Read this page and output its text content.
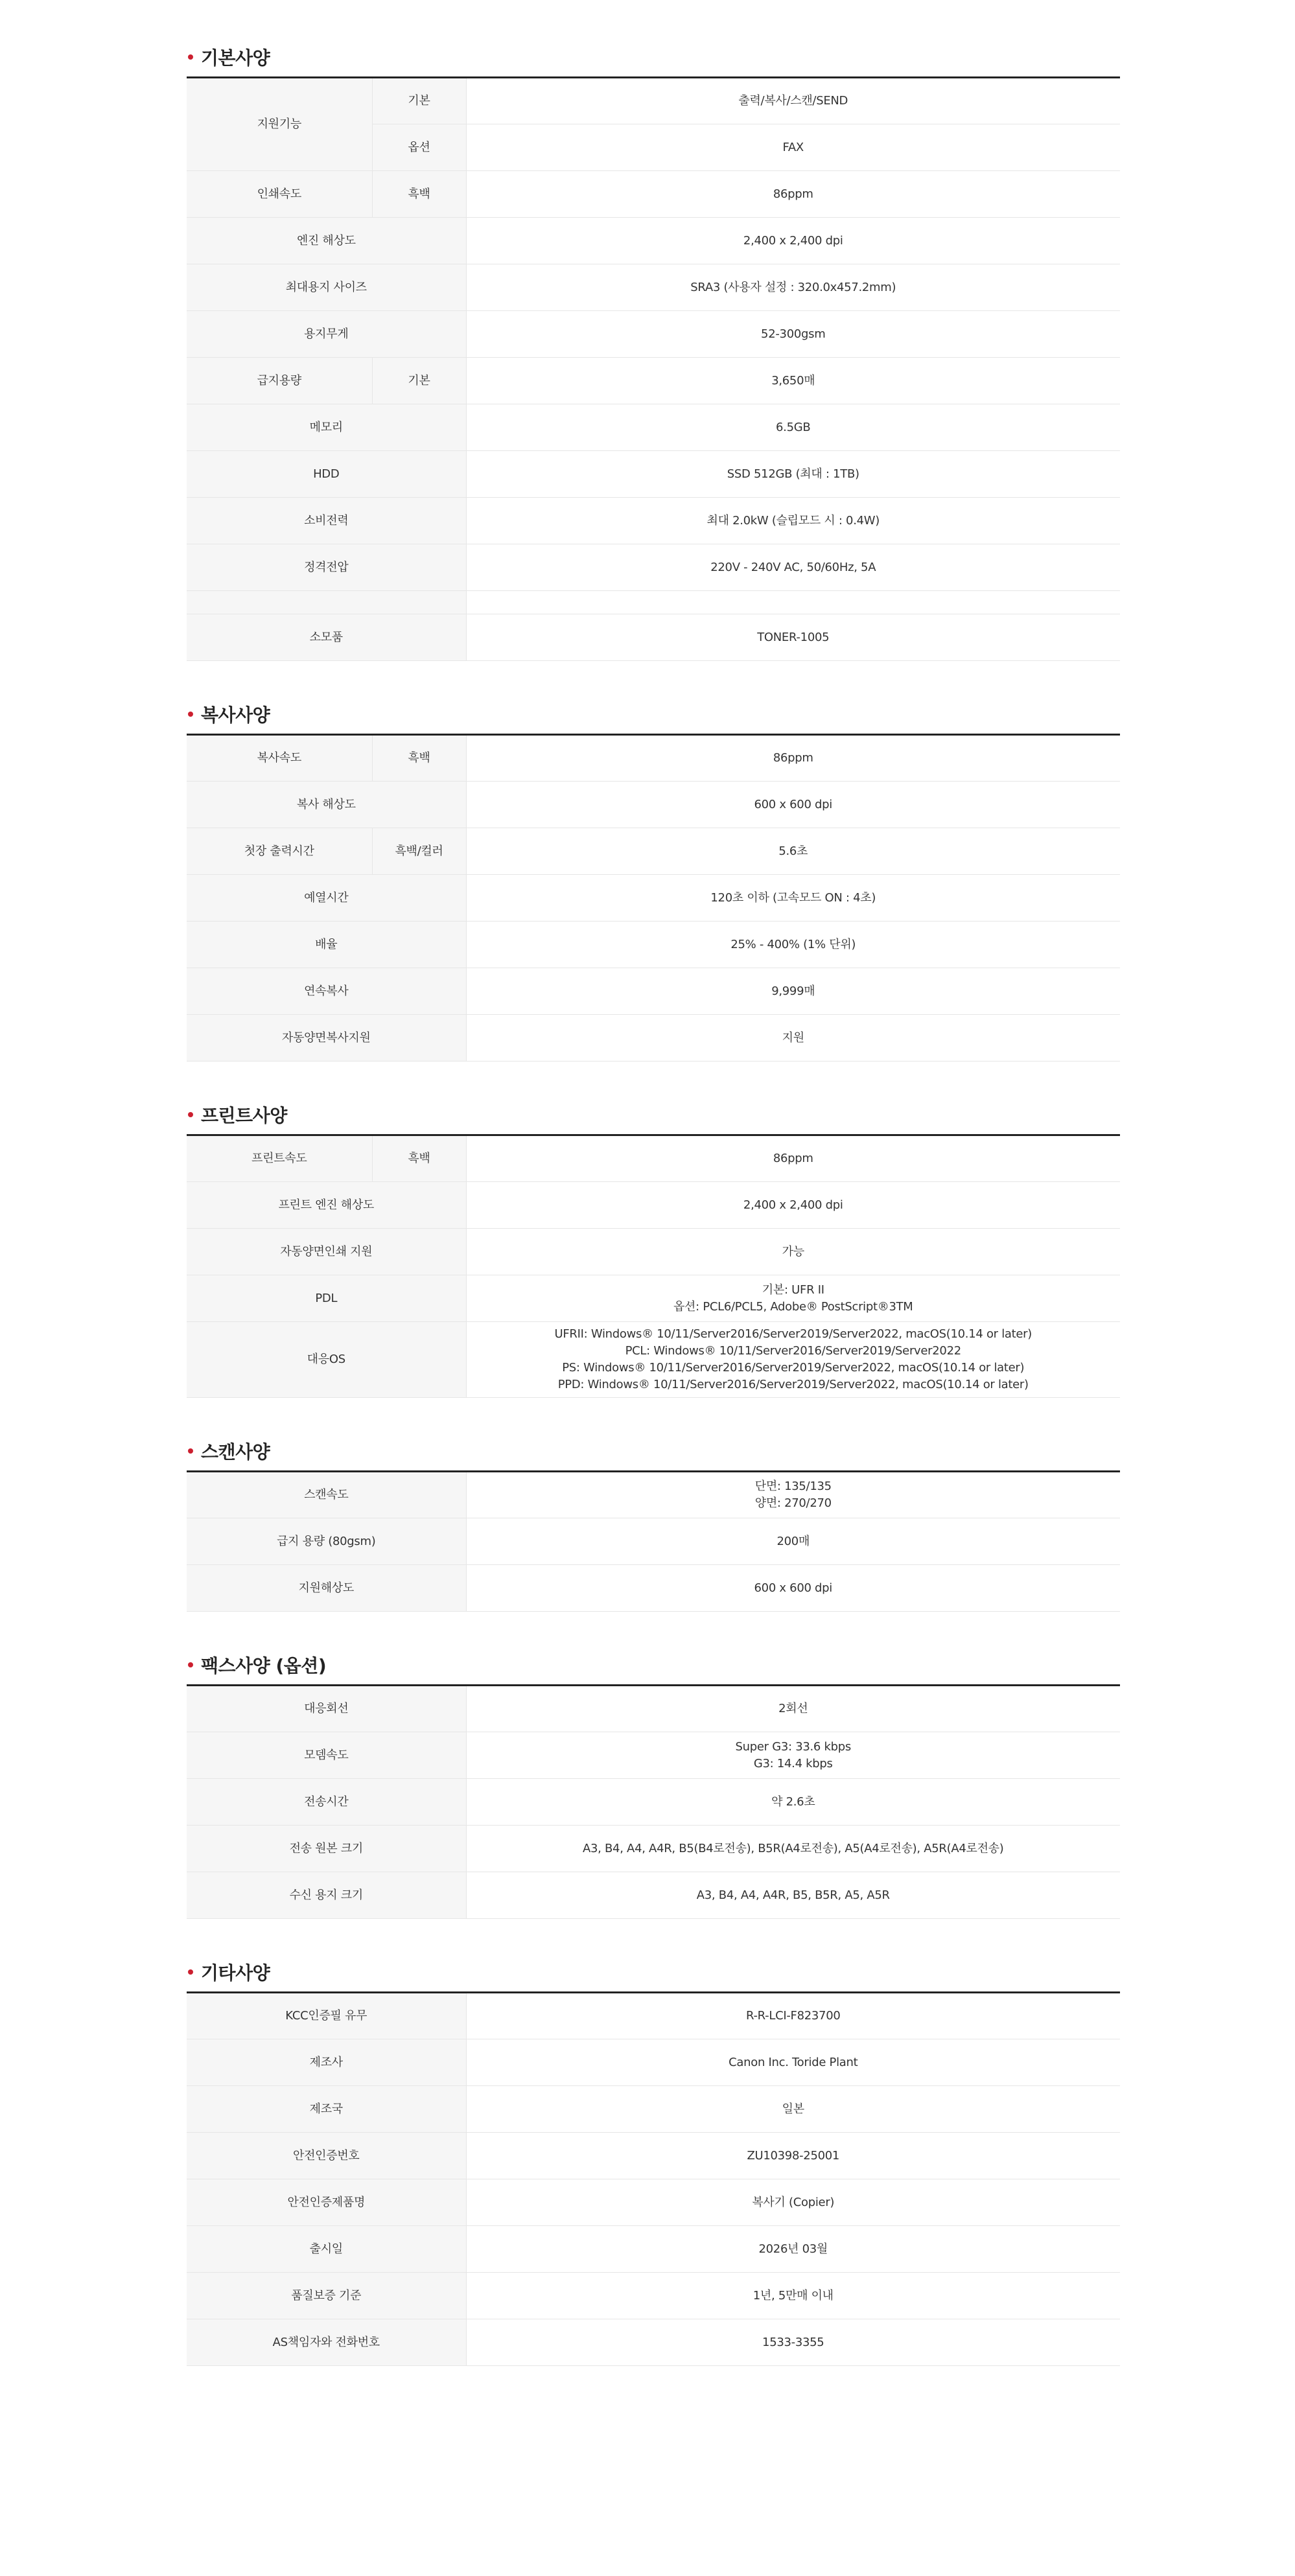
기본사양
지원기능	기본	출력/복사/스캔/SEND

	옵션	FAX

인쇄속도	흑백	86ppm

엔진 해상도		2,400 x 2,400 dpi

최대용지 사이즈		SRA3 (사용자 설정 : 320.0x457.2mm)

용지무게		52-300gsm

급지용량	기본	3,650매

메모리		6.5GB

HDD		SSD 512GB (최대 : 1TB)

소비전력		최대 2.0kW (슬립모드 시 : 0.4W)

정격전압		220V - 240V AC, 50/60Hz, 5A

소모품		TONER-1005
복사사양
복사속도	흑백	86ppm

복사 해상도		600 x 600 dpi

첫장 출력시간	흑백/컬러	5.6초

예열시간		120초 이하 (고속모드 ON : 4초)

배율		25% - 400% (1% 단위)

연속복사		9,999매

자동양면복사지원		지원
프린트사양
프린트속도	흑백	86ppm

프린트 엔진 해상도		2,400 x 2,400 dpi

자동양면인쇄 지원		가능

PDL		기본: UFR II
옵션: PCL6/PCL5, Adobe® PostScript®3TM

대응OS		UFRII: Windows® 10/11/Server2016/Server2019/Server2022, macOS(10.14 or later)
PCL: Windows® 10/11/Server2016/Server2019/Server2022
PS: Windows® 10/11/Server2016/Server2019/Server2022, macOS(10.14 or later)
PPD: Windows® 10/11/Server2016/Server2019/Server2022, macOS(10.14 or later)
스캔사양
스캔속도	단면: 135/135
양면: 270/270

급지 용량 (80gsm)	200매

지원해상도	600 x 600 dpi
팩스사양 (옵션)
대응회선	2회선

모뎀속도	Super G3: 33.6 kbps
G3: 14.4 kbps

전송시간	약 2.6초

전송 원본 크기	A3, B4, A4, A4R, B5(B4로전송), B5R(A4로전송), A5(A4로전송), A5R(A4로전송)

수신 용지 크기	A3, B4, A4, A4R, B5, B5R, A5, A5R
기타사양
KCC인증필 유무	R-R-LCI-F823700

제조사	Canon Inc. Toride Plant

제조국	일본

안전인증번호	ZU10398-25001

안전인증제품명	복사기 (Copier)

출시일	2026년 03월

품질보증 기준	1년, 5만매 이내

AS책임자와 전화번호	1533-3355
